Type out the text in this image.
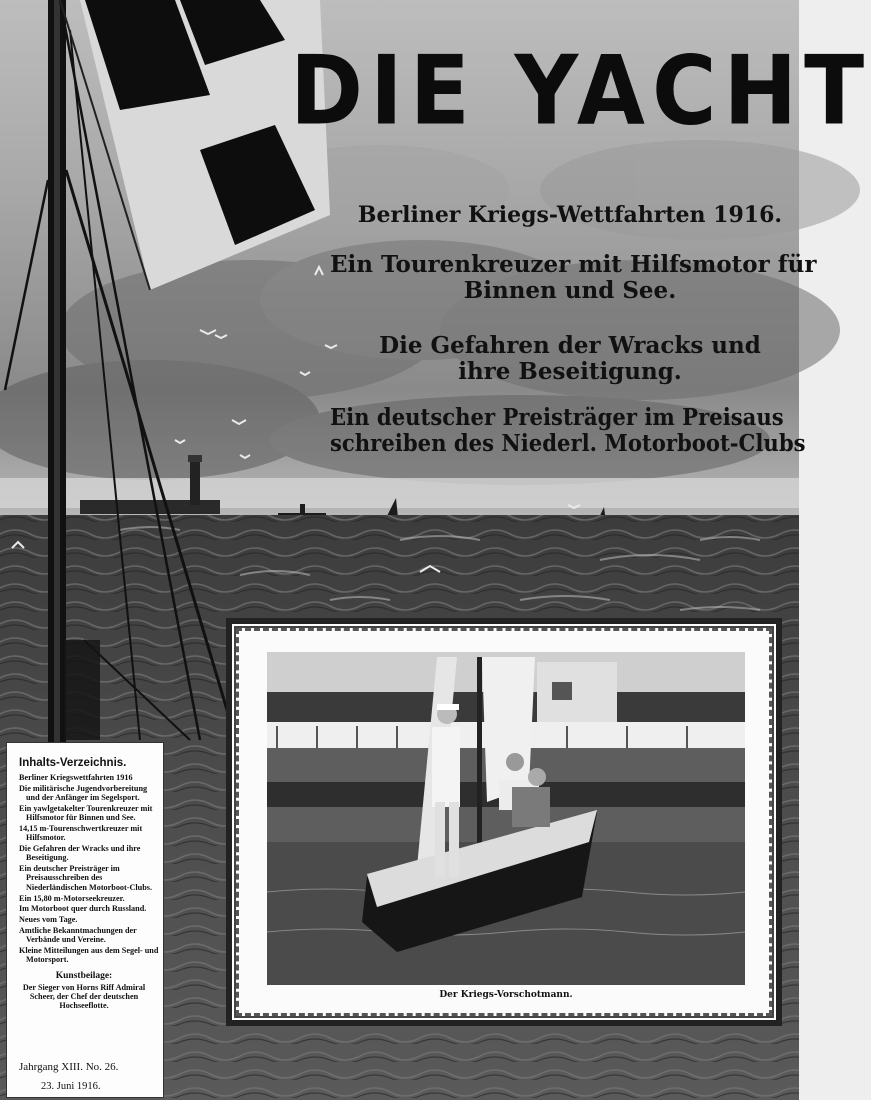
DIE YACHT
Berliner Kriegs-Wettfahrten 1916.
Ein Tourenkreuzer mit Hilfsmotor für
Binnen und See.
Die Gefahren der Wracks und
ihre Beseitigung.
Ein deutscher Preisträger im Preisaus
schreiben des Niederl. Motorboot-Clubs
Der Kriegs-Vorschotmann.
Inhalts-Verzeichnis.
Berliner Kriegswettfahrten 1916
Die militärische Jugendvorbereitung und der Anfänger im Segelsport.
Ein yawlgetakelter Tourenkreuzer mit Hilfsmotor für Binnen und See.
14,15 m-Tourenschwertkreuzer mit Hilfsmotor.
Die Gefahren der Wracks und ihre Beseitigung.
Ein deutscher Preisträger im Preisausschreiben des Niederländischen Motorboot-Clubs.
Ein 15,80 m-Motorseekreuzer.
Im Motorboot quer durch Russland.
Neues vom Tage.
Amtliche Bekanntmachungen der Verbände und Vereine.
Kleine Mitteilungen aus dem Segel- und Motorsport.
Kunstbeilage:
Der Sieger von Horns Riff Admiral Scheer, der Chef der deutschen Hochseeflotte.
Jahrgang XIII. No. 26.
23. Juni 1916.
